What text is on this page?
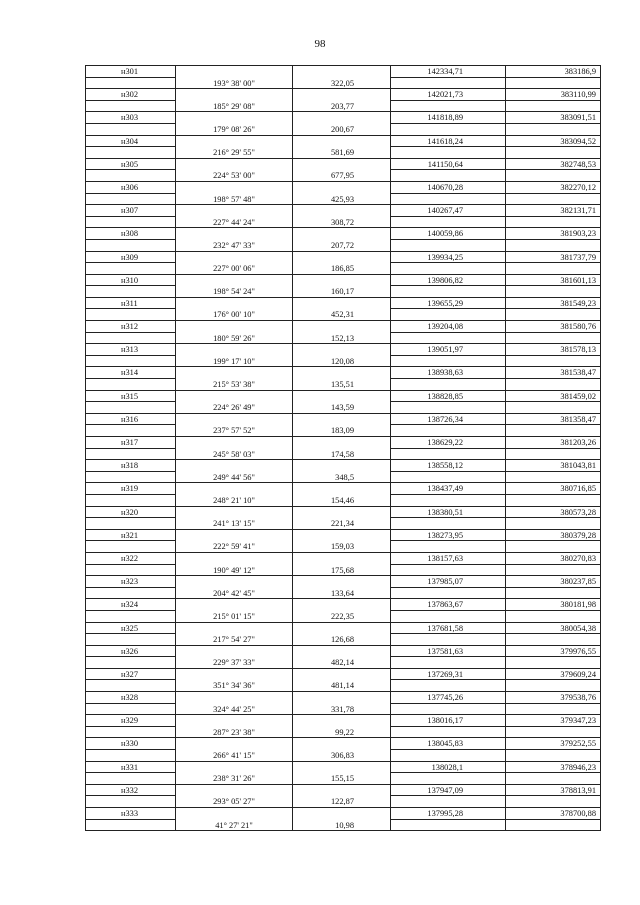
98
н301	142334,71	383186,9
193° 38' 00"	322,05
н302	142021,73	383110,99
185° 29' 08"	203,77
н303	141818,89	383091,51
179° 08' 26"	200,67
н304	141618,24	383094,52
216° 29' 55"	581,69
н305	141150,64	382748,53
224° 53' 00"	677,95
н306	140670,28	382270,12
198° 57' 48"	425,93
н307	140267,47	382131,71
227° 44' 24"	308,72
н308	140059,86	381903,23
232° 47' 33"	207,72
н309	139934,25	381737,79
227° 00' 06"	186,85
н310	139806,82	381601,13
198° 54' 24"	160,17
н311	139655,29	381549,23
176° 00' 10"	452,31
н312	139204,08	381580,76
180° 59' 26"	152,13
н313	139051,97	381578,13
199° 17' 10"	120,08
н314	138938,63	381538,47
215° 53' 38"	135,51
н315	138828,85	381459,02
224° 26' 49"	143,59
н316	138726,34	381358,47
237° 57' 52"	183,09
н317	138629,22	381203,26
245° 58' 03"	174,58
н318	138558,12	381043,81
249° 44' 56"	348,5
н319	138437,49	380716,85
248° 21' 10"	154,46
н320	138380,51	380573,28
241° 13' 15"	221,34
н321	138273,95	380379,28
222° 59' 41"	159,03
н322	138157,63	380270,83
190° 49' 12"	175,68
н323	137985,07	380237,85
204° 42' 45"	133,64
н324	137863,67	380181,98
215° 01' 15"	222,35
н325	137681,58	380054,38
217° 54' 27"	126,68
н326	137581,63	379976,55
229° 37' 33"	482,14
н327	137269,31	379609,24
351° 34' 36"	481,14
н328	137745,26	379538,76
324° 44' 25"	331,78
н329	138016,17	379347,23
287° 23' 38"	99,22
н330	138045,83	379252,55
266° 41' 15"	306,83
н331	138028,1	378946,23
238° 31' 26"	155,15
н332	137947,09	378813,91
293° 05' 27"	122,87
н333	137995,28	378700,88
41° 27' 21"	10,98
